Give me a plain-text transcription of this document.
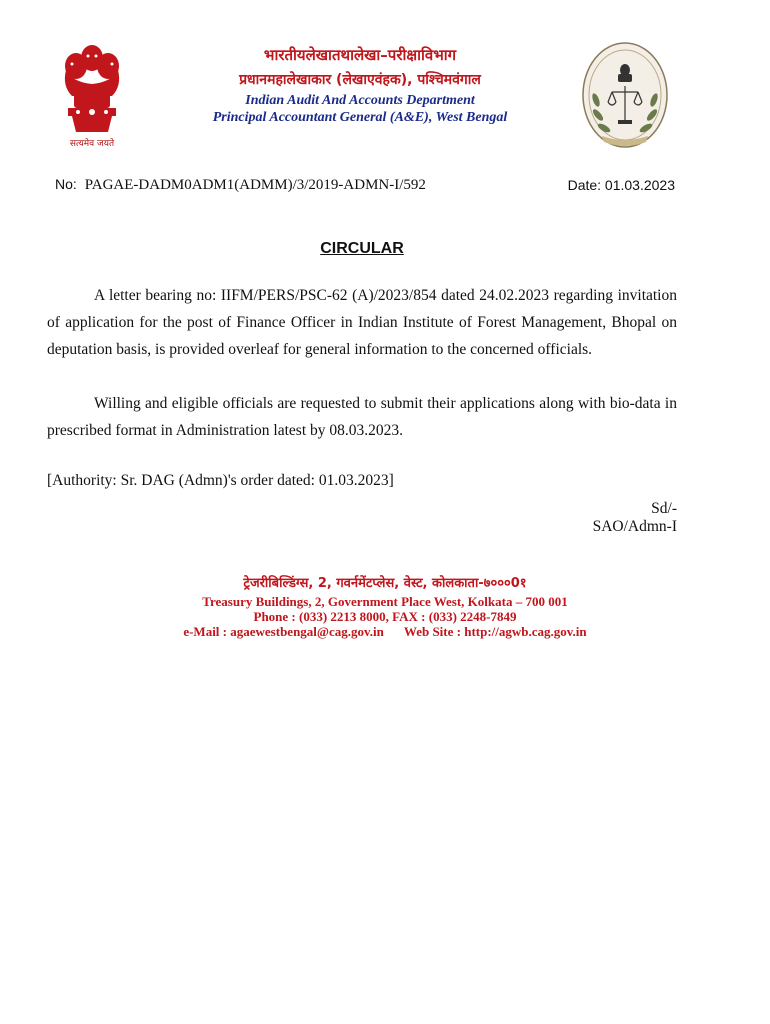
सत्यमेव जयते
भारतीयलेखातथालेखा–परीक्षाविभाग
प्रधानमहालेखाकार (लेखाएवंहक), पश्चिमवंगाल
Indian Audit And Accounts Department
Principal Accountant General (A&E), West Bengal
No: PAGAE-DADM0ADM1(ADMM)/3/2019-ADMN-I/592	Date: 01.03.2023
CIRCULAR
A letter bearing no: IIFM/PERS/PSC-62 (A)/2023/854 dated 24.02.2023 regarding invitation of application for the post of Finance Officer in Indian Institute of Forest Management, Bhopal on deputation basis, is provided overleaf for general information to the concerned officials.
Willing and eligible officials are requested to submit their applications along with bio-data in prescribed format in Administration latest by 08.03.2023.
[Authority: Sr. DAG (Admn)'s order dated: 01.03.2023]
Sd/-
SAO/Admn-I
ट्रेजरीबिल्डिंग्स, 2, गवर्नमेंटप्लेस, वेस्ट, कोलकाता-७०००0१
Treasury Buildings, 2, Government Place West, Kolkata – 700 001
Phone : (033) 2213 8000, FAX : (033) 2248-7849
e-Mail : agaewestbengal@cag.gov.in Web Site : http://agwb.cag.gov.in
